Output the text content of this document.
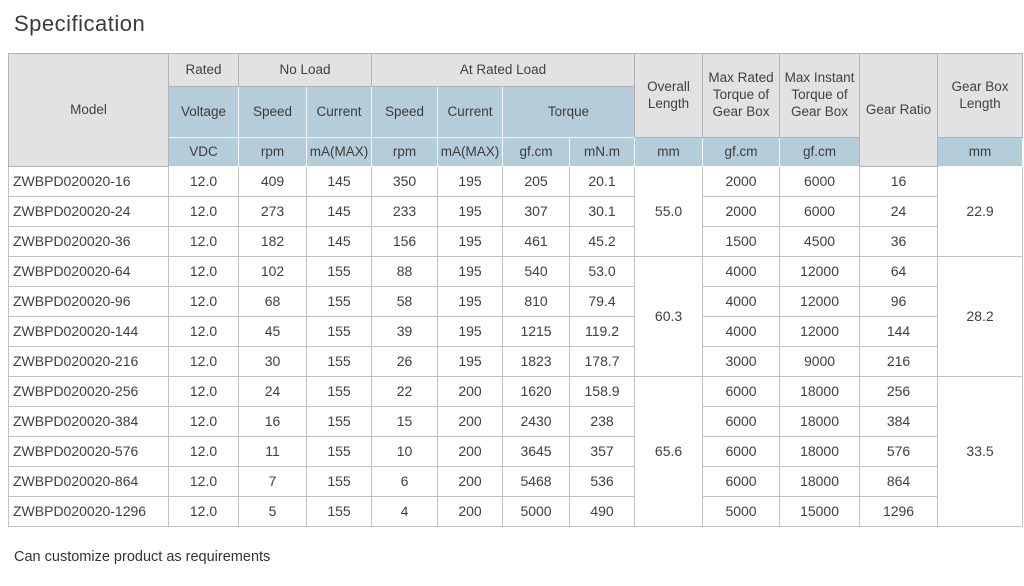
Specification
Model	Rated	No Load		At Rated Load				Overall Length	Max Rated Torque of Gear Box	Max Instant Torque of Gear Box	Gear Ratio	Gear Box Length
	Voltage	Speed	Current	Speed	Current	Torque						
	VDC	rpm	mA(MAX)	rpm	mA(MAX)	gf.cm	mN.m	mm	gf.cm	gf.cm		mm
ZWBPD020020-16	12.0	409	145	350	195	205	20.1	55.0	2000	6000	16	22.9
ZWBPD020020-24	12.0	273	145	233	195	307	30.1		2000	6000	24	
ZWBPD020020-36	12.0	182	145	156	195	461	45.2		1500	4500	36	
ZWBPD020020-64	12.0	102	155	88	195	540	53.0	60.3	4000	12000	64	28.2
ZWBPD020020-96	12.0	68	155	58	195	810	79.4		4000	12000	96	
ZWBPD020020-144	12.0	45	155	39	195	1215	119.2		4000	12000	144	
ZWBPD020020-216	12.0	30	155	26	195	1823	178.7		3000	9000	216	
ZWBPD020020-256	12.0	24	155	22	200	1620	158.9	65.6	6000	18000	256	33.5
ZWBPD020020-384	12.0	16	155	15	200	2430	238		6000	18000	384	
ZWBPD020020-576	12.0	11	155	10	200	3645	357		6000	18000	576	
ZWBPD020020-864	12.0	7	155	6	200	5468	536		6000	18000	864	
ZWBPD020020-1296	12.0	5	155	4	200	5000	490		5000	15000	1296	
Can customize product as requirements
